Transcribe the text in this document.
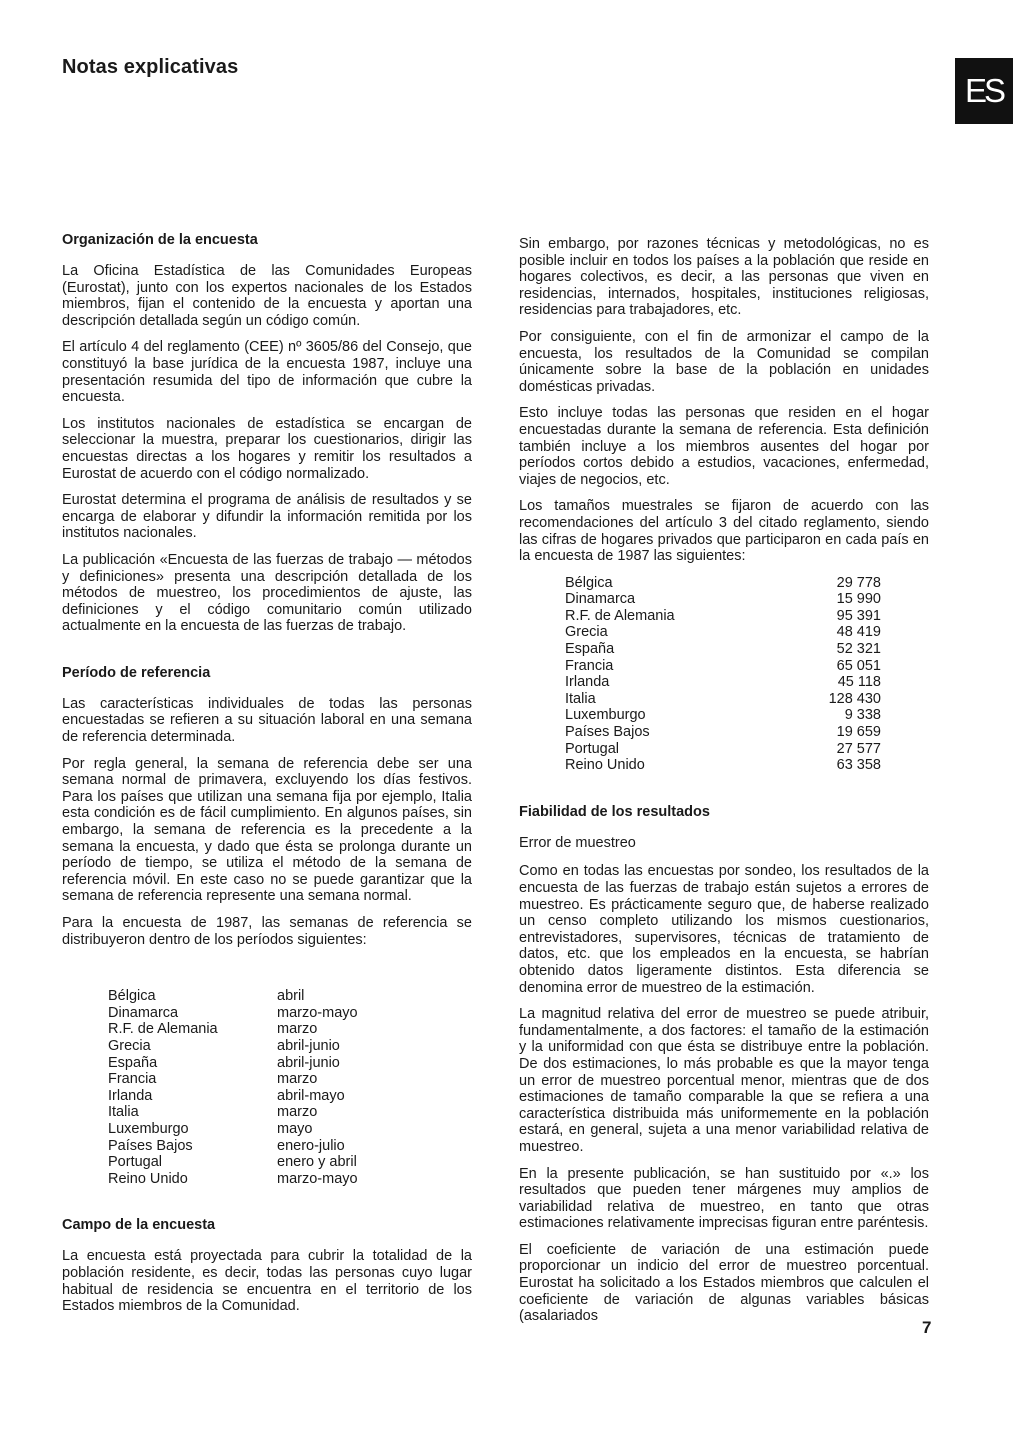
Notas explicativas
ES
Organización de la encuesta

La Oficina Estadística de las Comunidades Europeas (Eurostat), junto con los expertos nacionales de los Estados miembros, fijan el contenido de la encuesta y aportan una descripción detallada según un código común.

El artículo 4 del reglamento (CEE) nº 3605/86 del Consejo, que constituyó la base jurídica de la encuesta 1987, incluye una presentación resumida del tipo de información que cubre la encuesta.

Los institutos nacionales de estadística se encargan de seleccionar la muestra, preparar los cuestionarios, dirigir las encuestas directas a los hogares y remitir los resultados a Eurostat de acuerdo con el código normalizado.

Eurostat determina el programa de análisis de resultados y se encarga de elaborar y difundir la información remitida por los institutos nacionales.

La publicación «Encuesta de las fuerzas de trabajo — métodos y definiciones» presenta una descripción detallada de los métodos de muestreo, los procedimientos de ajuste, las definiciones y el código comunitario común utilizado actualmente en la encuesta de las fuerzas de trabajo.

Período de referencia

Las características individuales de todas las personas encuestadas se refieren a su situación laboral en una semana de referencia determinada.

Por regla general, la semana de referencia debe ser una semana normal de primavera, excluyendo los días festivos. Para los países que utilizan una semana fija por ejemplo, Italia esta condición es de fácil cumplimiento. En algunos países, sin embargo, la semana de referencia es la precedente a la semana la encuesta, y dado que ésta se prolonga durante un período de tiempo, se utiliza el método de la semana de referencia móvil. En este caso no se puede garantizar que la semana de referencia represente una semana normal.

Para la encuesta de 1987, las semanas de referencia se distribuyeron dentro de los períodos siguientes:

Bélgica	abril
Dinamarca	marzo-mayo
R.F. de Alemania	marzo
Grecia	abril-junio
España	abril-junio
Francia	marzo
Irlanda	abril-mayo
Italia	marzo
Luxemburgo	mayo
Países Bajos	enero-julio
Portugal	enero y abril
Reino Unido	marzo-mayo
Campo de la encuesta

La encuesta está proyectada para cubrir la totalidad de la población residente, es decir, todas las personas cuyo lugar habitual de residencia se encuentra en el territorio de los Estados miembros de la Comunidad.

Sin embargo, por razones técnicas y metodológicas, no es posible incluir en todos los países a la población que reside en hogares colectivos, es decir, a las personas que viven en residencias, internados, hospitales, instituciones religiosas, residencias para trabajadores, etc.

Por consiguiente, con el fin de armonizar el campo de la encuesta, los resultados de la Comunidad se compilan únicamente sobre la base de la población en unidades domésticas privadas.

Esto incluye todas las personas que residen en el hogar encuestadas durante la semana de referencia. Esta definición también incluye a los miembros ausentes del hogar por períodos cortos debido a estudios, vacaciones, enfermedad, viajes de negocios, etc.

Los tamaños muestrales se fijaron de acuerdo con las recomendaciones del artículo 3 del citado reglamento, siendo las cifras de hogares privados que participaron en cada país en la encuesta de 1987 las siguientes:

Bélgica	29 778
Dinamarca	15 990
R.F. de Alemania	95 391
Grecia	48 419
España	52 321
Francia	65 051
Irlanda	45 118
Italia	128 430
Luxemburgo	9 338
Países Bajos	19 659
Portugal	27 577
Reino Unido	63 358
Fiabilidad de los resultados
Error de muestreo

Como en todas las encuestas por sondeo, los resultados de la encuesta de las fuerzas de trabajo están sujetos a errores de muestreo. Es prácticamente seguro que, de haberse realizado un censo completo utilizando los mismos cuestionarios, entrevistadores, supervisores, técnicas de tratamiento de datos, etc. que los empleados en la encuesta, se habrían obtenido datos ligeramente distintos. Esta diferencia se denomina error de muestreo de la estimación.

La magnitud relativa del error de muestreo se puede atribuir, fundamentalmente, a dos factores: el tamaño de la estimación y la uniformidad con que ésta se distribuye entre la población. De dos estimaciones, lo más probable es que la mayor tenga un error de muestreo porcentual menor, mientras que de dos estimaciones de tamaño comparable la que se refiera a una característica distribuida más uniformemente en la población estará, en general, sujeta a una menor variabilidad relativa de muestreo.

En la presente publicación, se han sustituido por «.» los resultados que pueden tener márgenes muy amplios de variabilidad relativa de muestreo, en tanto que otras estimaciones relativamente imprecisas figuran entre paréntesis.

El coeficiente de variación de una estimación puede proporcionar un indicio del error de muestreo porcentual. Eurostat ha solicitado a los Estados miembros que calculen el coeficiente de variación de algunas variables básicas (asalariados

7
